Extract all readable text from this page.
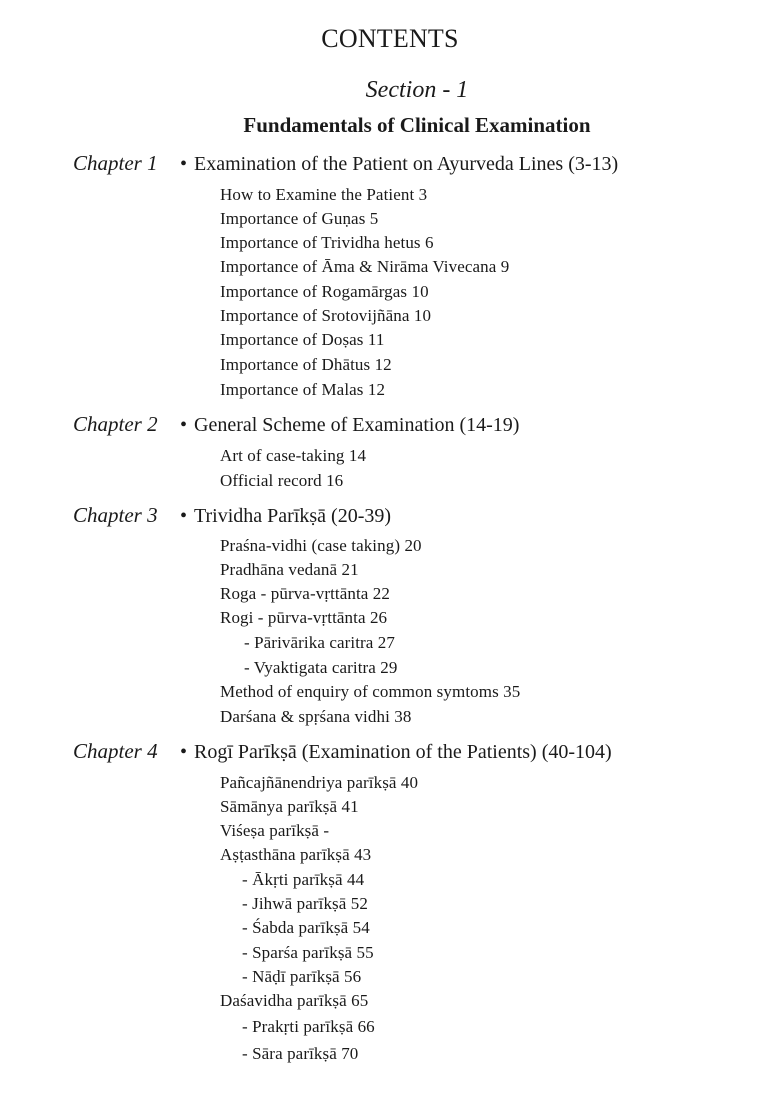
CONTENTS
Section - 1
Fundamentals of Clinical Examination
Chapter 1 • Examination of the Patient on Ayurveda Lines (3-13)
How to Examine the Patient 3
Importance of Guṇas 5
Importance of Trividha hetus 6
Importance of Āma & Nirāma Vivecana 9
Importance of Rogamārgas 10
Importance of Srotovijñāna 10
Importance of Doṣas 11
Importance of Dhātus 12
Importance of Malas 12
Chapter 2 • General Scheme of Examination (14-19)
Art of case-taking 14
Official record 16
Chapter 3 • Trividha Parīkṣā (20-39)
Praśna-vidhi (case taking) 20
Pradhāna vedanā 21
Roga - pūrva-vṛttānta 22
Rogi - pūrva-vṛttānta 26
- Pārivārika caritra 27
- Vyaktigata caritra 29
Method of enquiry of common symtoms 35
Darśana & spṛśana vidhi 38
Chapter 4 • Rogī Parīkṣā (Examination of the Patients) (40-104)
Pañcajñānendriya parīkṣā 40
Sāmānya parīkṣā 41
Viśeṣa parīkṣā -
Aṣṭasthāna parīkṣā 43
- Ākṛti parīkṣā 44
- Jihwā parīkṣā 52
- Śabda parīkṣā 54
- Sparśa parīkṣā 55
- Nāḍī parīkṣā 56
Daśavidha parīkṣā 65
- Prakṛti parīkṣā 66
- Sāra parīkṣā 70
